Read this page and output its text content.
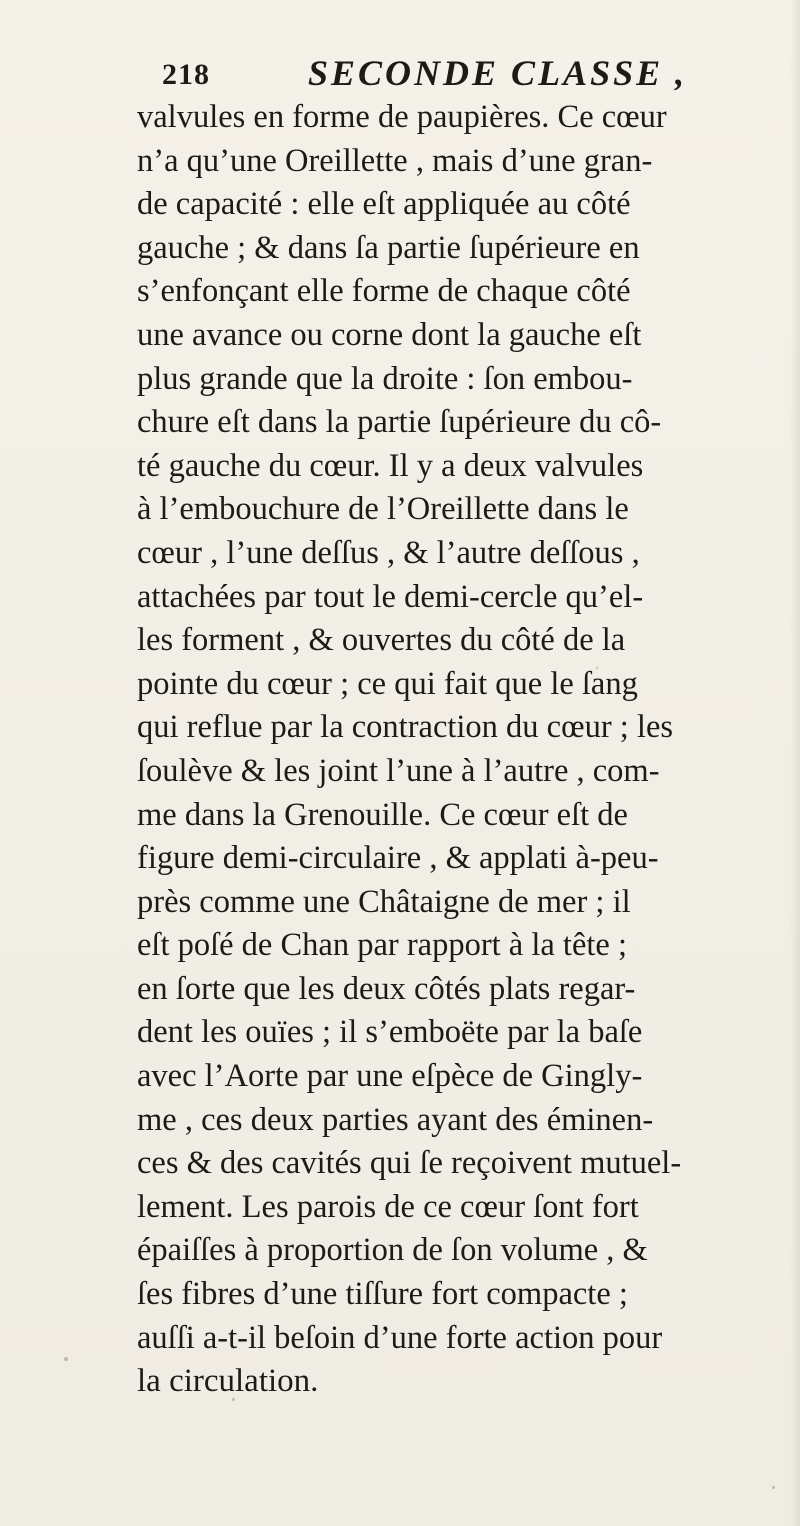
218	SECONDE CLASSE ,
valvules en forme de paupières. Ce cœur
n’a qu’une Oreillette , mais d’une gran-
de capacité : elle eſt appliquée au côté
gauche ; & dans ſa partie ſupérieure en
s’enfonçant elle forme de chaque côté
une avance ou corne dont la gauche eſt
plus grande que la droite : ſon embou-
chure eſt dans la partie ſupérieure du cô-
té gauche du cœur. Il y a deux valvules
à l’embouchure de l’Oreillette dans le
cœur , l’une deſſus , & l’autre deſſous ,
attachées par tout le demi-cercle qu’el-
les forment , & ouvertes du côté de la
pointe du cœur ; ce qui fait que le ſang
qui reflue par la contraction du cœur ; les
ſoulève & les joint l’une à l’autre , com-
me dans la Grenouille. Ce cœur eſt de
figure demi-circulaire , & applati à-peu-
près comme une Châtaigne de mer ; il
eſt poſé de Chan par rapport à la tête ;
en ſorte que les deux côtés plats regar-
dent les ouïes ; il s’emboëte par la baſe
avec l’Aorte par une eſpèce de Gingly-
me , ces deux parties ayant des éminen-
ces & des cavités qui ſe reçoivent mutuel-
lement. Les parois de ce cœur ſont fort
épaiſſes à proportion de ſon volume , &
ſes fibres d’une tiſſure fort compacte ;
auſſi a-t-il beſoin d’une forte action pour
la circulation.
